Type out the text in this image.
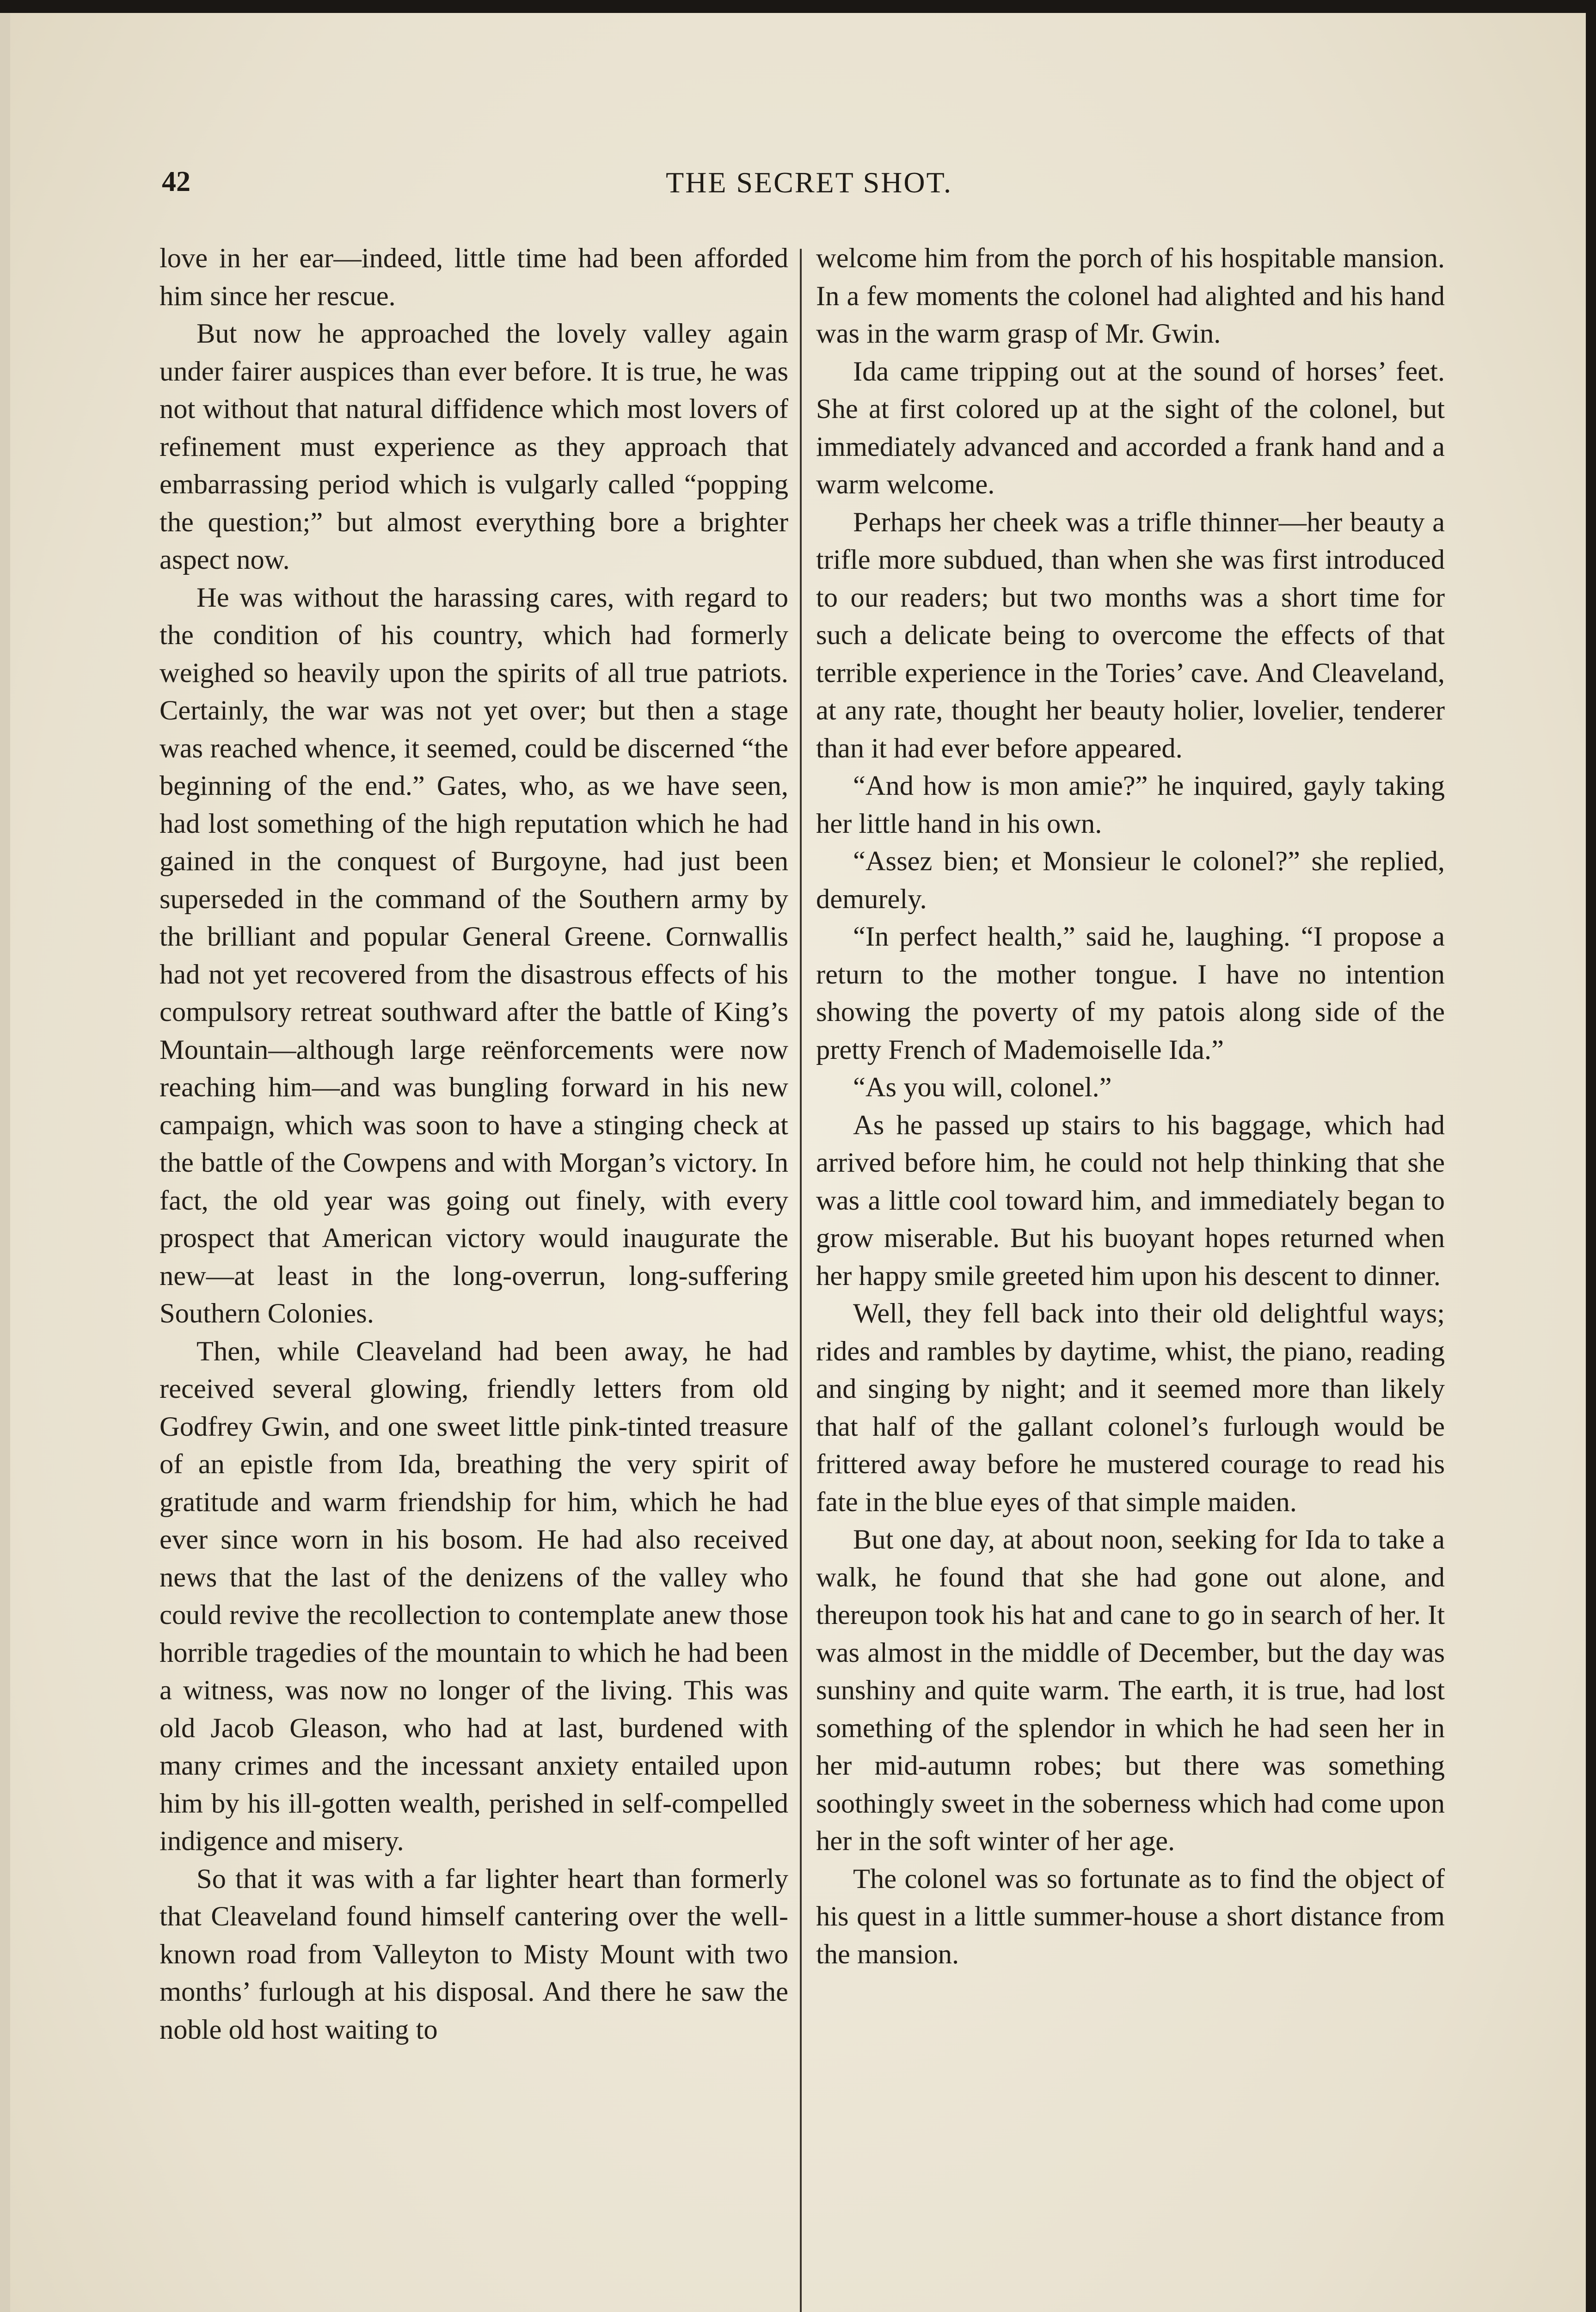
42	THE SECRET SHOT.

love in her ear—indeed, little time had been afforded him since her rescue.

But now he approached the lovely valley again under fairer auspices than ever before. It is true, he was not without that natural diffidence which most lovers of refinement must experience as they approach that embarrassing period which is vulgarly called “popping the question;” but almost everything bore a brighter aspect now.

He was without the harassing cares, with regard to the condition of his country, which had formerly weighed so heavily upon the spirits of all true patriots. Certainly, the war was not yet over; but then a stage was reached whence, it seemed, could be discerned “the beginning of the end.” Gates, who, as we have seen, had lost something of the high reputation which he had gained in the conquest of Burgoyne, had just been superseded in the command of the Southern army by the brilliant and popular General Greene. Cornwallis had not yet recovered from the disastrous effects of his compulsory retreat southward after the battle of King’s Mountain—although large reënforcements were now reaching him—and was bungling forward in his new campaign, which was soon to have a stinging check at the battle of the Cowpens and with Morgan’s victory. In fact, the old year was going out finely, with every prospect that American victory would inaugurate the new—at least in the long-overrun, long-suffering Southern Colonies.

Then, while Cleaveland had been away, he had received several glowing, friendly letters from old Godfrey Gwin, and one sweet little pink-tinted treasure of an epistle from Ida, breathing the very spirit of gratitude and warm friendship for him, which he had ever since worn in his bosom. He had also received news that the last of the denizens of the valley who could revive the recollection to contemplate anew those horrible tragedies of the mountain to which he had been a witness, was now no longer of the living. This was old Jacob Gleason, who had at last, burdened with many crimes and the incessant anxiety entailed upon him by his ill-gotten wealth, perished in self-compelled indigence and misery.

So that it was with a far lighter heart than formerly that Cleaveland found himself cantering over the well-known road from Valleyton to Misty Mount with two months’ furlough at his disposal. And there he saw the noble old host waiting to

welcome him from the porch of his hospitable mansion. In a few moments the colonel had alighted and his hand was in the warm grasp of Mr. Gwin.

Ida came tripping out at the sound of horses’ feet. She at first colored up at the sight of the colonel, but immediately advanced and accorded a frank hand and a warm welcome.

Perhaps her cheek was a trifle thinner—her beauty a trifle more subdued, than when she was first introduced to our readers; but two months was a short time for such a delicate being to overcome the effects of that terrible experience in the Tories’ cave. And Cleaveland, at any rate, thought her beauty holier, lovelier, tenderer than it had ever before appeared.

“And how is mon amie?” he inquired, gayly taking her little hand in his own.

“Assez bien; et Monsieur le colonel?” she replied, demurely.

“In perfect health,” said he, laughing. “I propose a return to the mother tongue. I have no intention showing the poverty of my patois along side of the pretty French of Mademoiselle Ida.”

“As you will, colonel.”

As he passed up stairs to his baggage, which had arrived before him, he could not help thinking that she was a little cool toward him, and immediately began to grow miserable. But his buoyant hopes returned when her happy smile greeted him upon his descent to dinner.

Well, they fell back into their old delightful ways; rides and rambles by daytime, whist, the piano, reading and singing by night; and it seemed more than likely that half of the gallant colonel’s furlough would be frittered away before he mustered courage to read his fate in the blue eyes of that simple maiden.

But one day, at about noon, seeking for Ida to take a walk, he found that she had gone out alone, and thereupon took his hat and cane to go in search of her. It was almost in the middle of December, but the day was sunshiny and quite warm. The earth, it is true, had lost something of the splendor in which he had seen her in her mid-autumn robes; but there was something soothingly sweet in the soberness which had come upon her in the soft winter of her age.

The colonel was so fortunate as to find the object of his quest in a little summer-house a short distance from the mansion.
